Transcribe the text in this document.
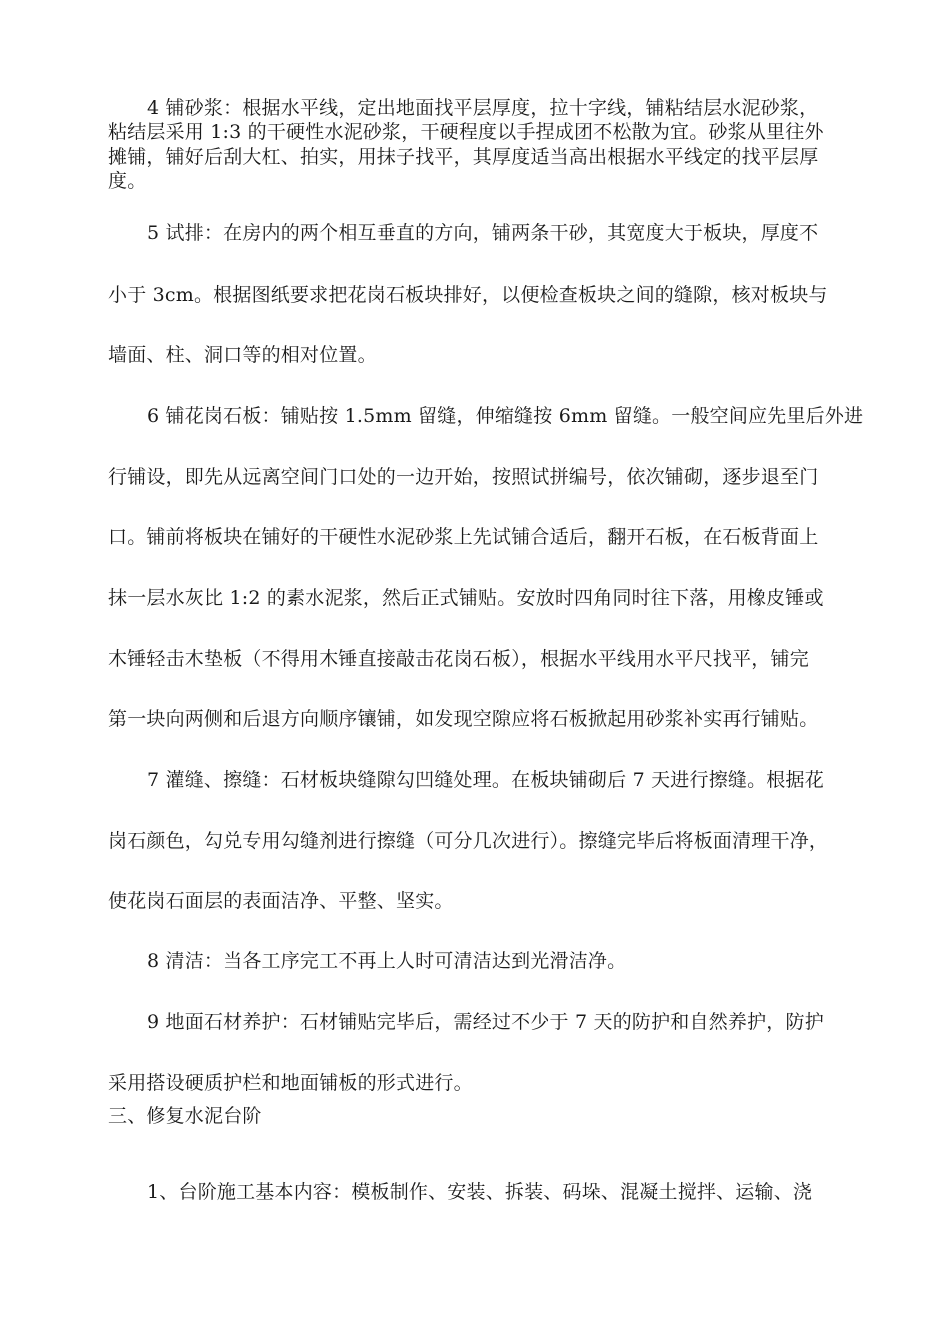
4 铺砂浆：根据水平线，定出地面找平层厚度，拉十字线，铺粘结层水泥砂浆，
粘结层采用 1:3 的干硬性水泥砂浆，干硬程度以手捏成团不松散为宜。砂浆从里往外
摊铺，铺好后刮大杠、拍实，用抹子找平，其厚度适当高出根据水平线定的找平层厚
度。
5 试排：在房内的两个相互垂直的方向，铺两条干砂，其宽度大于板块，厚度不
小于 3cm。根据图纸要求把花岗石板块排好，以便检查板块之间的缝隙，核对板块与
墙面、柱、洞口等的相对位置。
6 铺花岗石板：铺贴按 1.5mm 留缝，伸缩缝按 6mm 留缝。一般空间应先里后外进
行铺设，即先从远离空间门口处的一边开始，按照试拼编号，依次铺砌，逐步退至门
口。铺前将板块在铺好的干硬性水泥砂浆上先试铺合适后，翻开石板，在石板背面上
抹一层水灰比 1:2 的素水泥浆，然后正式铺贴。安放时四角同时往下落，用橡皮锤或
木锤轻击木垫板（不得用木锤直接敲击花岗石板），根据水平线用水平尺找平，铺完
第一块向两侧和后退方向顺序镶铺，如发现空隙应将石板掀起用砂浆补实再行铺贴。
7 灌缝、擦缝：石材板块缝隙勾凹缝处理。在板块铺砌后 7 天进行擦缝。根据花
岗石颜色，勾兑专用勾缝剂进行擦缝（可分几次进行）。擦缝完毕后将板面清理干净，
使花岗石面层的表面洁净、平整、坚实。
8 清洁：当各工序完工不再上人时可清洁达到光滑洁净。
9 地面石材养护：石材铺贴完毕后，需经过不少于 7 天的防护和自然养护，防护
采用搭设硬质护栏和地面铺板的形式进行。
三、修复水泥台阶
1、台阶施工基本内容：模板制作、安装、拆装、码垛、混凝土搅拌、运输、浇
